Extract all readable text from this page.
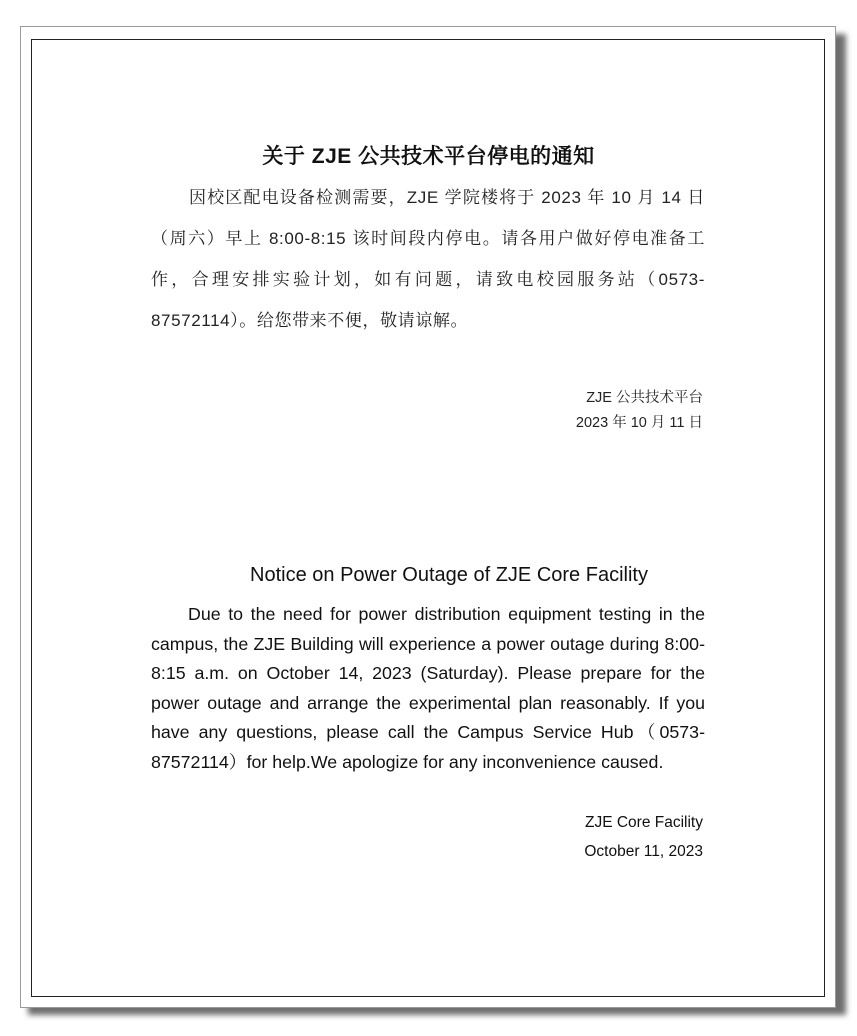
关于 ZJE 公共技术平台停电的通知

因校区配电设备检测需要，ZJE 学院楼将于 2023 年 10 月 14 日（周六）早上 8:00-8:15 该时间段内停电。请各用户做好停电准备工作，合理安排实验计划，如有问题，请致电校园服务站（0573-87572114）。给您带来不便，敬请谅解。

ZJE 公共技术平台
2023 年 10 月 11 日
Notice on Power Outage of ZJE Core Facility

Due to the need for power distribution equipment testing in the campus, the ZJE Building will experience a power outage during 8:00-8:15 a.m. on October 14, 2023 (Saturday). Please prepare for the power outage and arrange the experimental plan reasonably. If you have any questions, please call the Campus Service Hub（0573-87572114）for help.We apologize for any inconvenience caused.

ZJE Core Facility
October 11, 2023
